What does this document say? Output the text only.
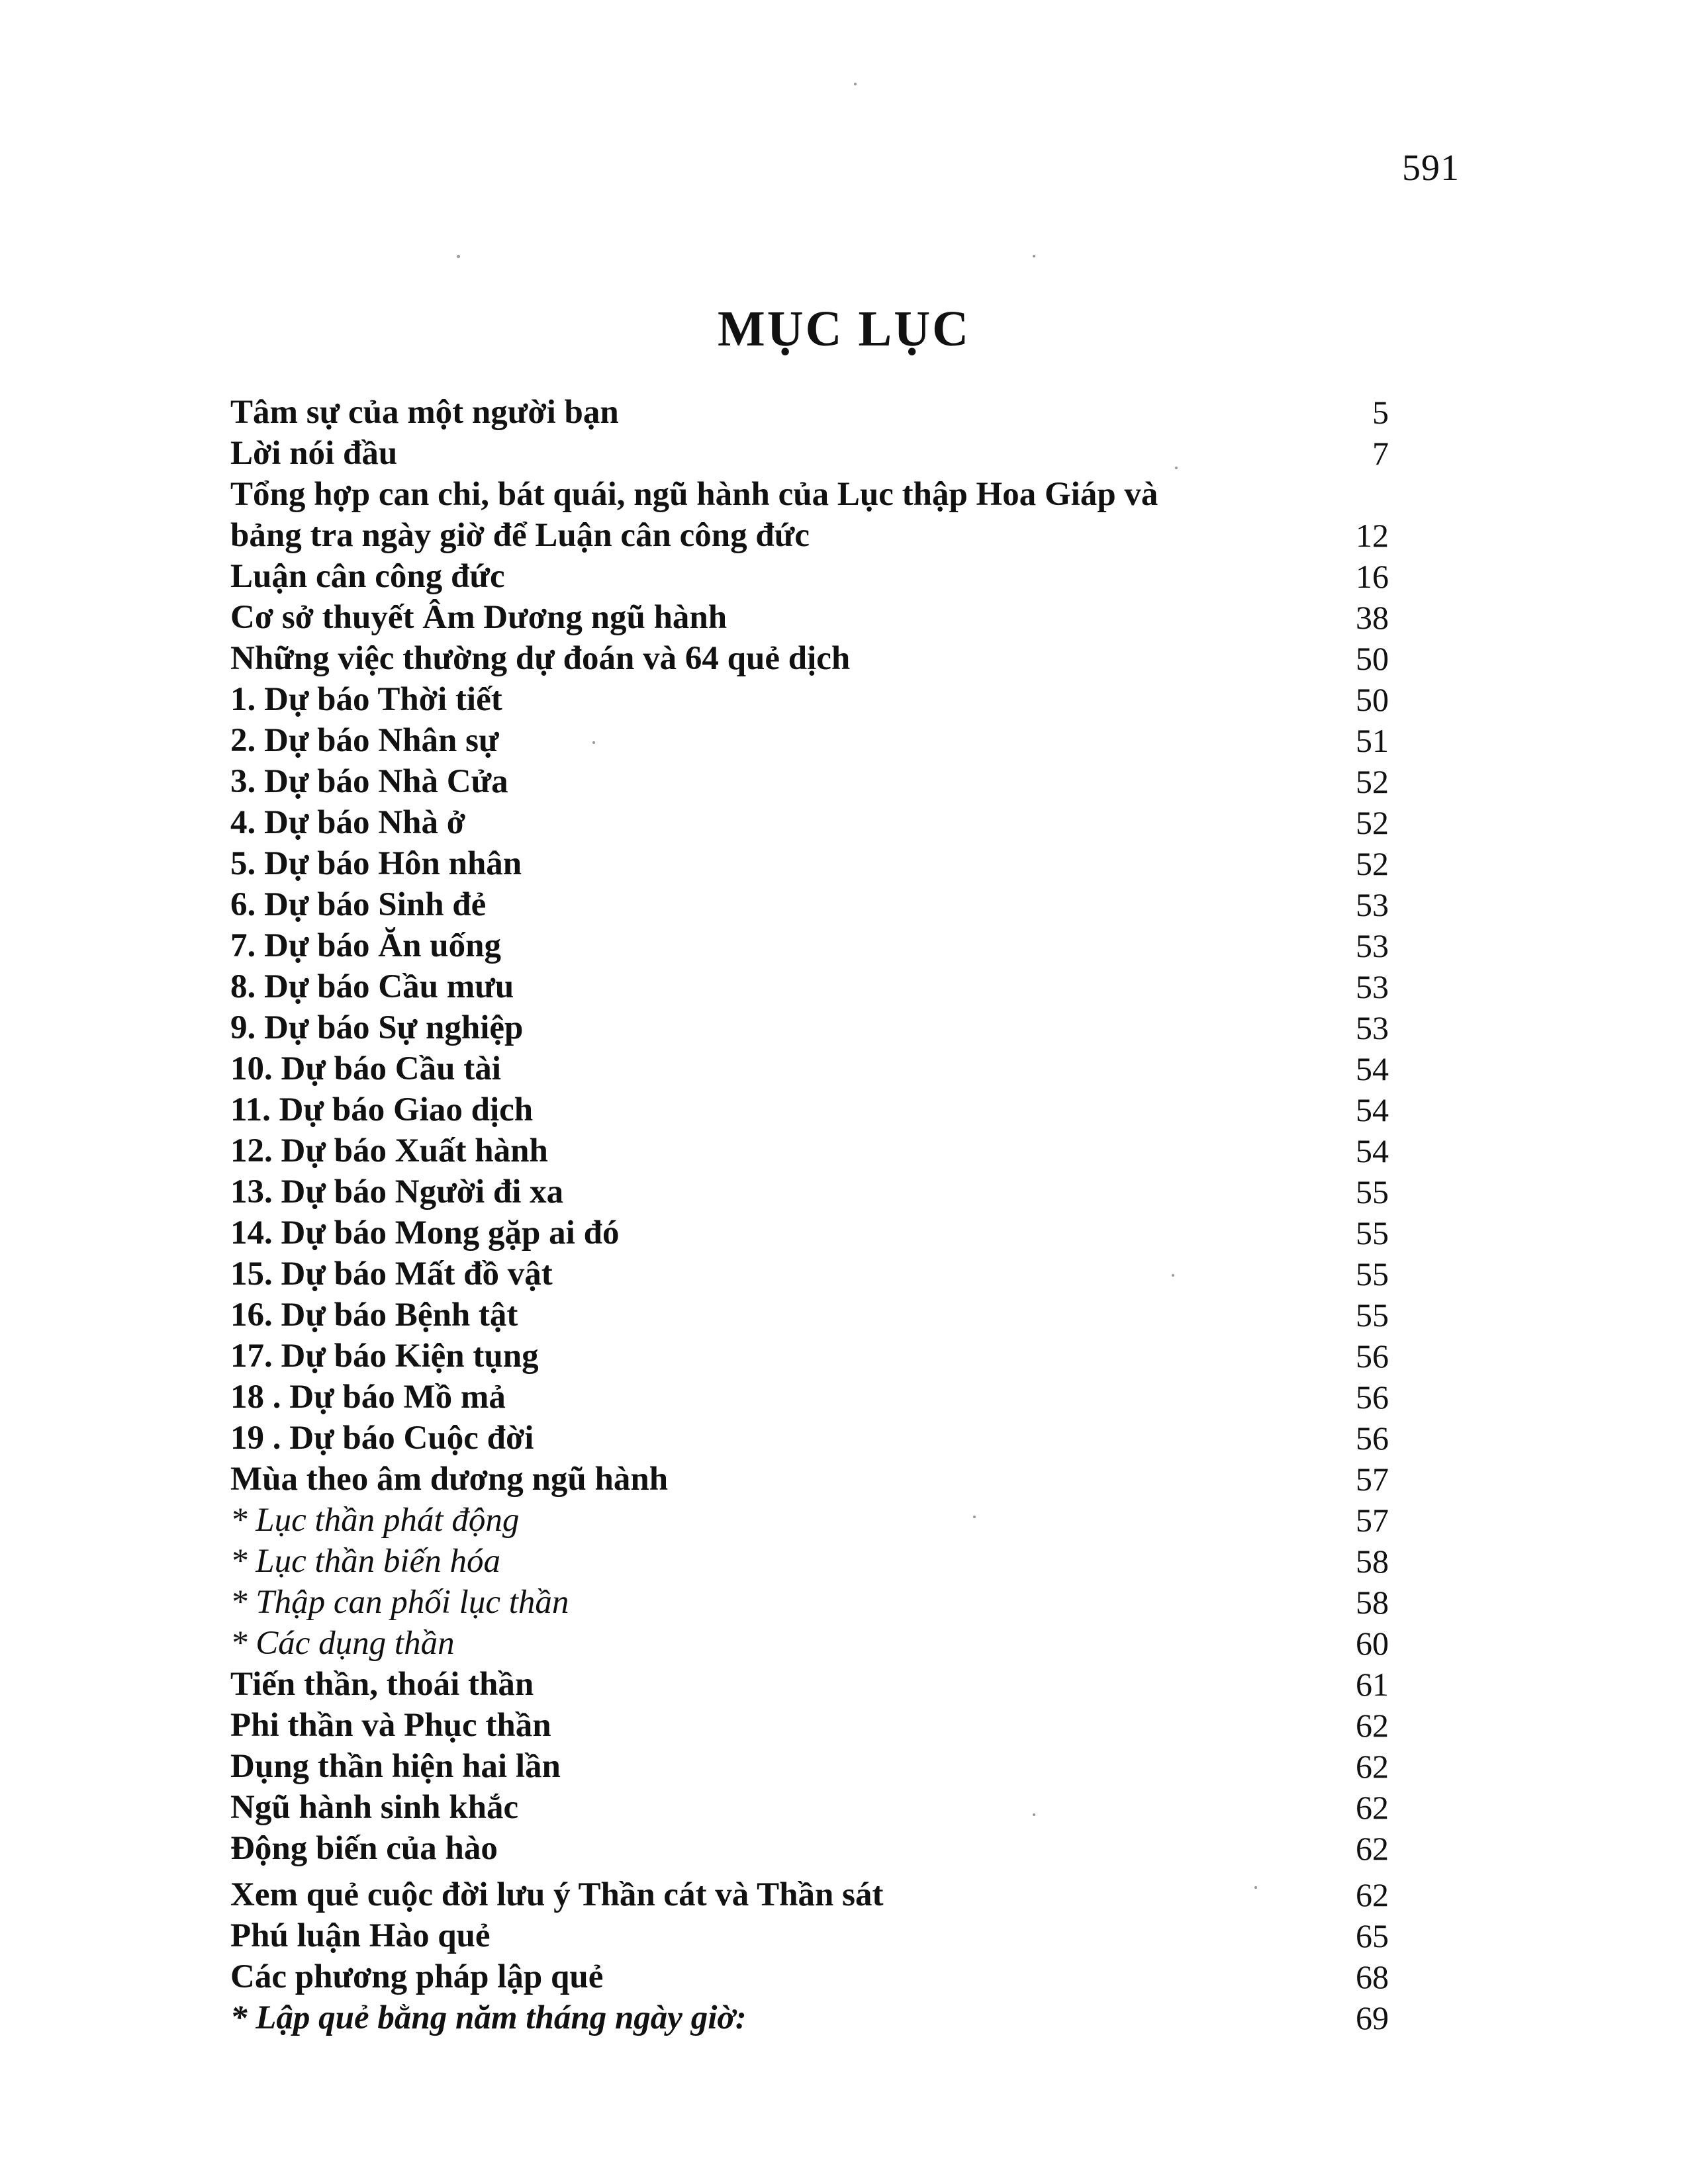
591
MỤC LỤC
Tâm sự của một người bạn	5
Lời nói đầu	7
Tổng hợp can chi, bát quái, ngũ hành của Lục thập Hoa Giáp và
bảng tra ngày giờ để Luận cân công đức	12
Luận cân công đức	16
Cơ sở thuyết Âm Dương ngũ hành	38
Những việc thường dự đoán và 64 quẻ dịch	50
1. Dự báo Thời tiết	50
2. Dự báo Nhân sự	51
3. Dự báo Nhà Cửa	52
4. Dự báo Nhà ở	52
5. Dự báo Hôn nhân	52
6. Dự báo Sinh đẻ	53
7. Dự báo Ăn uống	53
8. Dự báo Cầu mưu	53
9. Dự báo Sự nghiệp	53
10. Dự báo Cầu tài	54
11. Dự báo Giao dịch	54
12. Dự báo Xuất hành	54
13. Dự báo Người đi xa	55
14. Dự báo Mong gặp ai đó	55
15. Dự báo Mất đồ vật	55
16. Dự báo Bệnh tật	55
17. Dự báo Kiện tụng	56
18 . Dự báo Mồ mả	56
19 . Dự báo Cuộc đời	56
Mùa theo âm dương ngũ hành	57
* Lục thần phát động	57
* Lục thần biến hóa	58
* Thập can phối lục thần	58
* Các dụng thần	60
Tiến thần, thoái thần	61
Phi thần và Phục thần	62
Dụng thần hiện hai lần	62
Ngũ hành sinh khắc	62
Động biến của hào	62
Xem quẻ cuộc đời lưu ý Thần cát và Thần sát	62
Phú luận Hào quẻ	65
Các phương pháp lập quẻ	68
* Lập quẻ bằng năm tháng ngày giờ:	69
